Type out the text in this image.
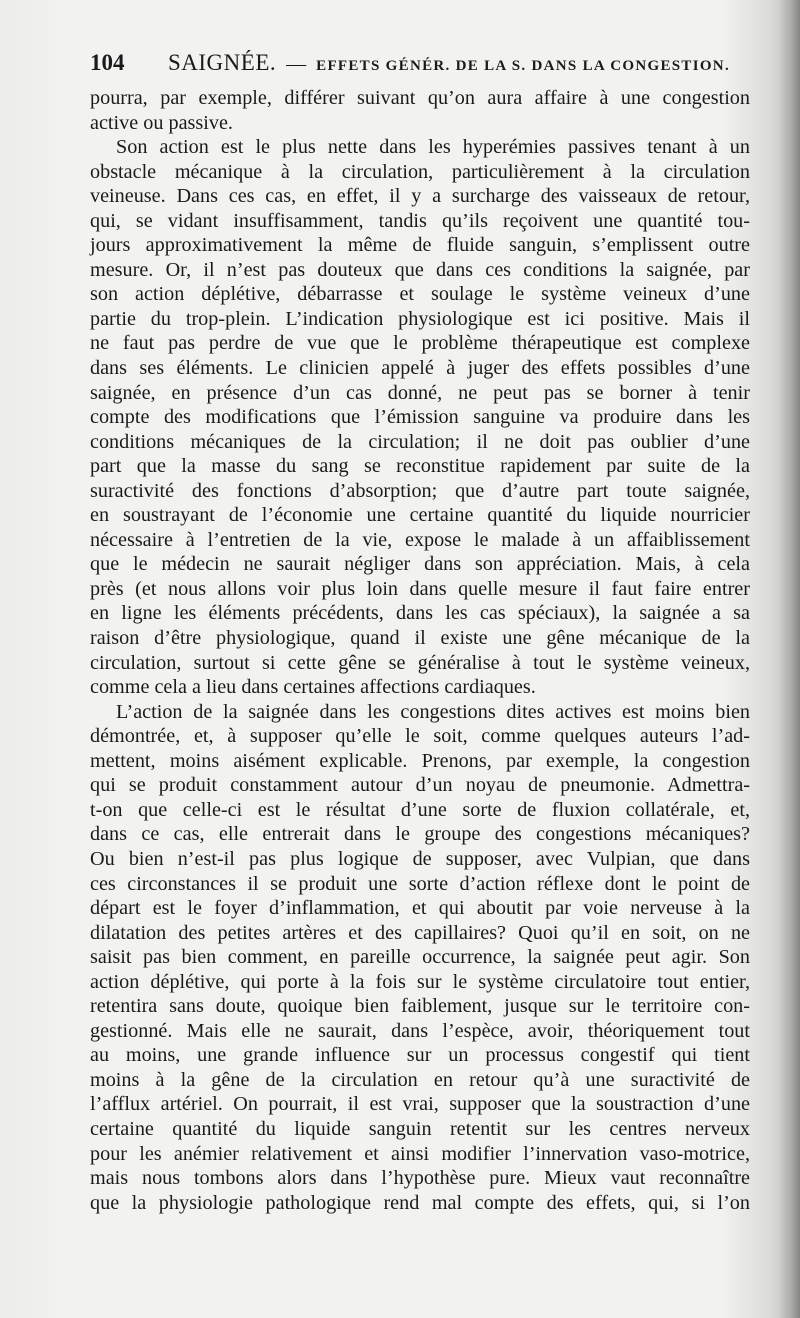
104	SAIGNÉE. — EFFETS GÉNÉR. DE LA S. DANS LA CONGESTION.
pourra, par exemple, différer suivant qu’on aura affaire à une congestion
active ou passive.
Son action est le plus nette dans les hyperémies passives tenant à un
obstacle mécanique à la circulation, particulièrement à la circulation
veineuse. Dans ces cas, en effet, il y a surcharge des vaisseaux de retour,
qui, se vidant insuffisamment, tandis qu’ils reçoivent une quantité tou-
jours approximativement la même de fluide sanguin, s’emplissent outre
mesure. Or, il n’est pas douteux que dans ces conditions la saignée, par
son action déplétive, débarrasse et soulage le système veineux d’une
partie du trop-plein. L’indication physiologique est ici positive. Mais il
ne faut pas perdre de vue que le problème thérapeutique est complexe
dans ses éléments. Le clinicien appelé à juger des effets possibles d’une
saignée, en présence d’un cas donné, ne peut pas se borner à tenir
compte des modifications que l’émission sanguine va produire dans les
conditions mécaniques de la circulation; il ne doit pas oublier d’une
part que la masse du sang se reconstitue rapidement par suite de la
suractivité des fonctions d’absorption; que d’autre part toute saignée,
en soustrayant de l’économie une certaine quantité du liquide nourricier
nécessaire à l’entretien de la vie, expose le malade à un affaiblissement
que le médecin ne saurait négliger dans son appréciation. Mais, à cela
près (et nous allons voir plus loin dans quelle mesure il faut faire entrer
en ligne les éléments précédents, dans les cas spéciaux), la saignée a sa
raison d’être physiologique, quand il existe une gêne mécanique de la
circulation, surtout si cette gêne se généralise à tout le système veineux,
comme cela a lieu dans certaines affections cardiaques.
L’action de la saignée dans les congestions dites actives est moins bien
démontrée, et, à supposer qu’elle le soit, comme quelques auteurs l’ad-
mettent, moins aisément explicable. Prenons, par exemple, la congestion
qui se produit constamment autour d’un noyau de pneumonie. Admettra-
t-on que celle-ci est le résultat d’une sorte de fluxion collatérale, et,
dans ce cas, elle entrerait dans le groupe des congestions mécaniques?
Ou bien n’est-il pas plus logique de supposer, avec Vulpian, que dans
ces circonstances il se produit une sorte d’action réflexe dont le point de
départ est le foyer d’inflammation, et qui aboutit par voie nerveuse à la
dilatation des petites artères et des capillaires? Quoi qu’il en soit, on ne
saisit pas bien comment, en pareille occurrence, la saignée peut agir. Son
action déplétive, qui porte à la fois sur le système circulatoire tout entier,
retentira sans doute, quoique bien faiblement, jusque sur le territoire con-
gestionné. Mais elle ne saurait, dans l’espèce, avoir, théoriquement tout
au moins, une grande influence sur un processus congestif qui tient
moins à la gêne de la circulation en retour qu’à une suractivité de
l’afflux artériel. On pourrait, il est vrai, supposer que la soustraction d’une
certaine quantité du liquide sanguin retentit sur les centres nerveux
pour les anémier relativement et ainsi modifier l’innervation vaso-motrice,
mais nous tombons alors dans l’hypothèse pure. Mieux vaut reconnaître
que la physiologie pathologique rend mal compte des effets, qui, si l’on
